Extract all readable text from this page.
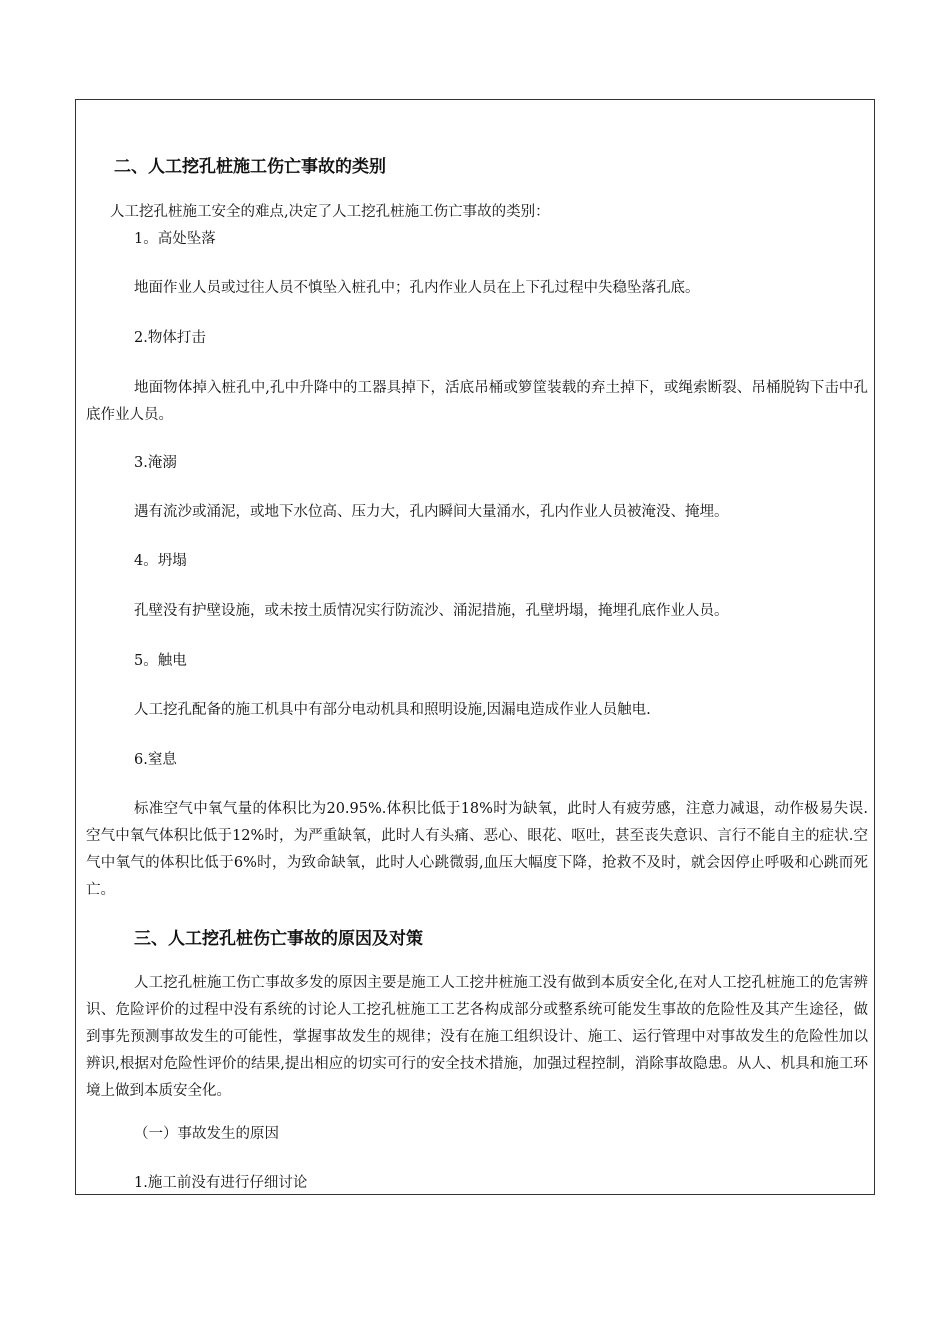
二、人工挖孔桩施工伤亡事故的类别
人工挖孔桩施工安全的难点,决定了人工挖孔桩施工伤亡事故的类别：
1。高处坠落
地面作业人员或过往人员不慎坠入桩孔中；孔内作业人员在上下孔过程中失稳坠落孔底。
2.物体打击
地面物体掉入桩孔中,孔中升降中的工器具掉下，活底吊桶或箩筐装载的弃土掉下，或绳索断裂、吊桶脱钩下击中孔底作业人员。
3.淹溺
遇有流沙或涌泥，或地下水位高、压力大，孔内瞬间大量涌水，孔内作业人员被淹没、掩埋。
4。坍塌
孔壁没有护壁设施，或未按土质情况实行防流沙、涌泥措施，孔壁坍塌，掩埋孔底作业人员。
5。触电
人工挖孔配备的施工机具中有部分电动机具和照明设施,因漏电造成作业人员触电.
6.窒息
标准空气中氧气量的体积比为20.95%.体积比低于18%时为缺氧，此时人有疲劳感，注意力减退，动作极易失误.空气中氧气体积比低于12%时，为严重缺氧，此时人有头痛、恶心、眼花、呕吐，甚至丧失意识、言行不能自主的症状.空气中氧气的体积比低于6%时，为致命缺氧，此时人心跳微弱,血压大幅度下降，抢救不及时，就会因停止呼吸和心跳而死亡。
三、人工挖孔桩伤亡事故的原因及对策
人工挖孔桩施工伤亡事故多发的原因主要是施工人工挖井桩施工没有做到本质安全化,在对人工挖孔桩施工的危害辨识、危险评价的过程中没有系统的讨论人工挖孔桩施工工艺各构成部分或整系统可能发生事故的危险性及其产生途径，做到事先预测事故发生的可能性，掌握事故发生的规律；没有在施工组织设计、施工、运行管理中对事故发生的危险性加以辨识,根据对危险性评价的结果,提出相应的切实可行的安全技术措施，加强过程控制，消除事故隐患。从人、机具和施工环境上做到本质安全化。
（一）事故发生的原因
1.施工前没有进行仔细讨论
